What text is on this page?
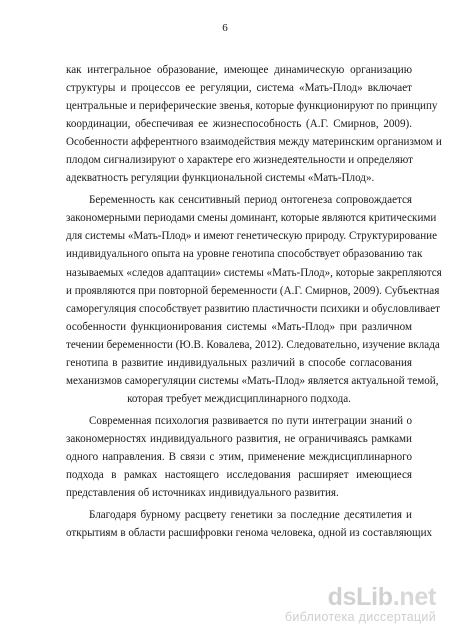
6
как интегральное образование, имеющее динамическую организацию
структуры и процессов ее регуляции, система «Мать-Плод» включает
центральные и периферические звенья, которые функционируют по принципу
координации, обеспечивая ее жизнеспособность (А.Г. Смирнов, 2009).
Особенности афферентного взаимодействия между материнским организмом и
плодом сигнализируют о характере его жизнедеятельности и определяют
адекватность регуляции функциональной системы «Мать-Плод».
Беременность как сенситивный период онтогенеза сопровождается
закономерными периодами смены доминант, которые являются критическими
для системы «Мать-Плод» и имеют генетическую природу. Структурирование
индивидуального опыта на уровне генотипа способствует образованию так
называемых «следов адаптации» системы «Мать-Плод», которые закрепляются
и проявляются при повторной беременности (А.Г. Смирнов, 2009). Субъектная
саморегуляция способствует развитию пластичности психики и обусловливает
особенности функционирования системы «Мать-Плод» при различном
течении беременности (Ю.В. Ковалева, 2012). Следовательно, изучение вклада
генотипа в развитие индивидуальных различий в способе согласования
механизмов саморегуляции системы «Мать-Плод» является актуальной темой,
которая требует междисциплинарного подхода.
Современная психология развивается по пути интеграции знаний о
закономерностях индивидуального развития, не ограничиваясь рамками
одного направления. В связи с этим, применение междисциплинарного
подхода в рамках настоящего исследования расширяет имеющиеся
представления об источниках индивидуального развития.
Благодаря бурному расцвету генетики за последние десятилетия и
открытиям в области расшифровки генома человека, одной из составляющих
dsLib.net
библиотека диссертаций
